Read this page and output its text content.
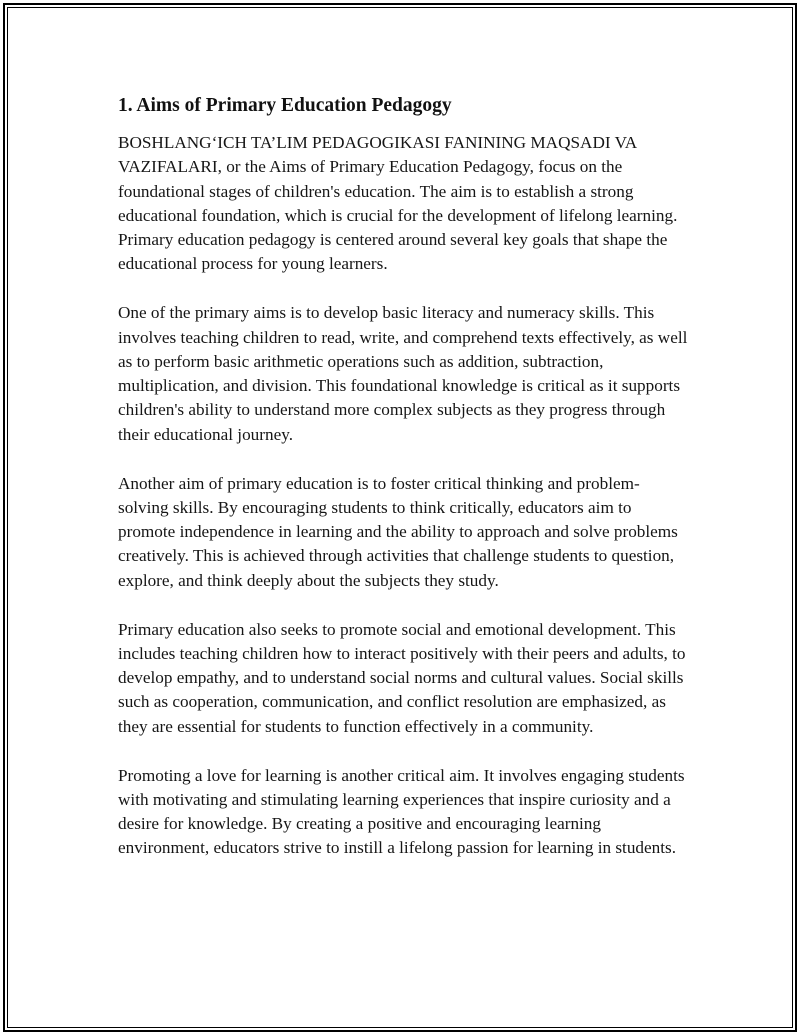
1. Aims of Primary Education Pedagogy

BOSHLANG‘ICH TA’LIM PEDAGOGIKASI FANINING MAQSADI VA VAZIFALARI, or the Aims of Primary Education Pedagogy, focus on the foundational stages of children's education. The aim is to establish a strong educational foundation, which is crucial for the development of lifelong learning. Primary education pedagogy is centered around several key goals that shape the educational process for young learners.

One of the primary aims is to develop basic literacy and numeracy skills. This involves teaching children to read, write, and comprehend texts effectively, as well as to perform basic arithmetic operations such as addition, subtraction, multiplication, and division. This foundational knowledge is critical as it supports children's ability to understand more complex subjects as they progress through their educational journey.

Another aim of primary education is to foster critical thinking and problem-solving skills. By encouraging students to think critically, educators aim to promote independence in learning and the ability to approach and solve problems creatively. This is achieved through activities that challenge students to question, explore, and think deeply about the subjects they study.

Primary education also seeks to promote social and emotional development. This includes teaching children how to interact positively with their peers and adults, to develop empathy, and to understand social norms and cultural values. Social skills such as cooperation, communication, and conflict resolution are emphasized, as they are essential for students to function effectively in a community.

Promoting a love for learning is another critical aim. It involves engaging students with motivating and stimulating learning experiences that inspire curiosity and a desire for knowledge. By creating a positive and encouraging learning environment, educators strive to instill a lifelong passion for learning in students.
